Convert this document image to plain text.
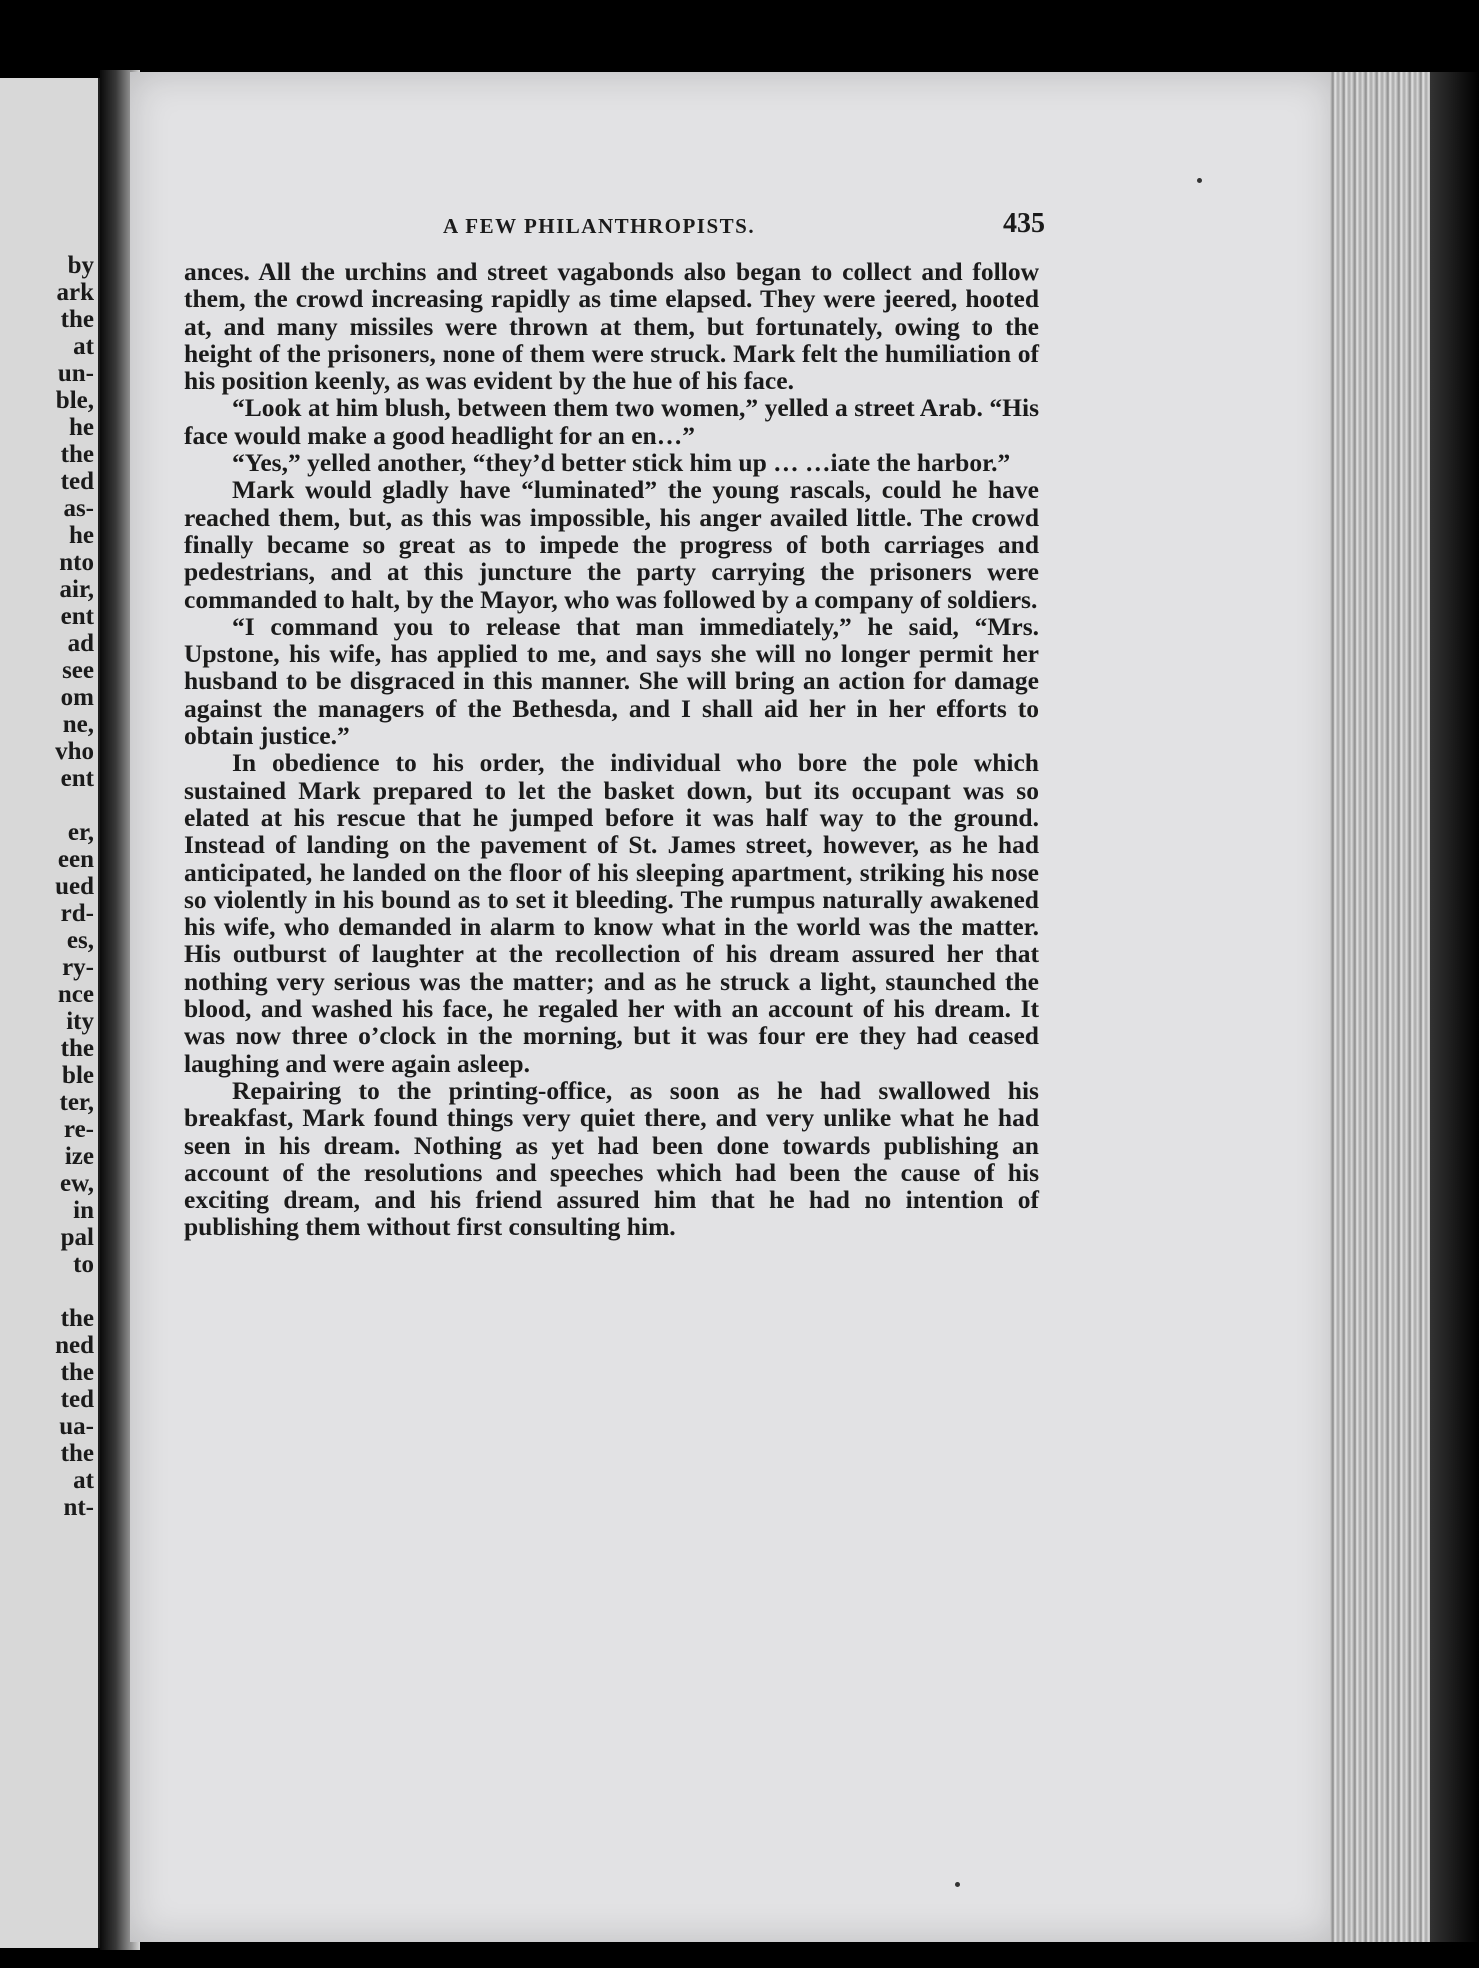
by
ark
the
at
un-
ble,
he
the
ted
as-
he
nto
air,
ent
ad
see
om
ne,
vho
ent
er,
een
ued
rd-
es,
ry-
nce
ity
the
ble
ter,
re-
ize
ew,
in
pal
to
the
ned
the
ted
ua-
the
at
nt-
A FEW PHILANTHROPISTS.	435

ances. All the urchins and street vagabonds also began to collect and follow them, the crowd increasing rapidly as time elapsed. They were jeered, hooted at, and many missiles were thrown at them, but fortunately, owing to the height of the prisoners, none of them were struck. Mark felt the humiliation of his position keenly, as was evident by the hue of his face.

“Look at him blush, between them two women,” yelled a street Arab. “His face would make a good headlight for an en…”

“Yes,” yelled another, “they’d better stick him up … …iate the harbor.”

Mark would gladly have “luminated” the young rascals, could he have reached them, but, as this was impossible, his anger availed little. The crowd finally became so great as to impede the progress of both carriages and pedestrians, and at this juncture the party carrying the prisoners were commanded to halt, by the Mayor, who was followed by a company of soldiers.

“I command you to release that man immediately,” he said, “Mrs. Upstone, his wife, has applied to me, and says she will no longer permit her husband to be disgraced in this manner. She will bring an action for damage against the managers of the Bethesda, and I shall aid her in her efforts to obtain justice.”

In obedience to his order, the individual who bore the pole which sustained Mark prepared to let the basket down, but its occupant was so elated at his rescue that he jumped before it was half way to the ground. Instead of landing on the pavement of St. James street, however, as he had anticipated, he landed on the floor of his sleeping apartment, striking his nose so violently in his bound as to set it bleeding. The rumpus naturally awakened his wife, who demanded in alarm to know what in the world was the matter. His outburst of laughter at the recollection of his dream assured her that nothing very serious was the matter; and as he struck a light, staunched the blood, and washed his face, he regaled her with an account of his dream. It was now three o’clock in the morning, but it was four ere they had ceased laughing and were again asleep.

Repairing to the printing-office, as soon as he had swallowed his breakfast, Mark found things very quiet there, and very unlike what he had seen in his dream. Nothing as yet had been done towards publishing an account of the resolutions and speeches which had been the cause of his exciting dream, and his friend assured him that he had no intention of publishing them without first consulting him.
